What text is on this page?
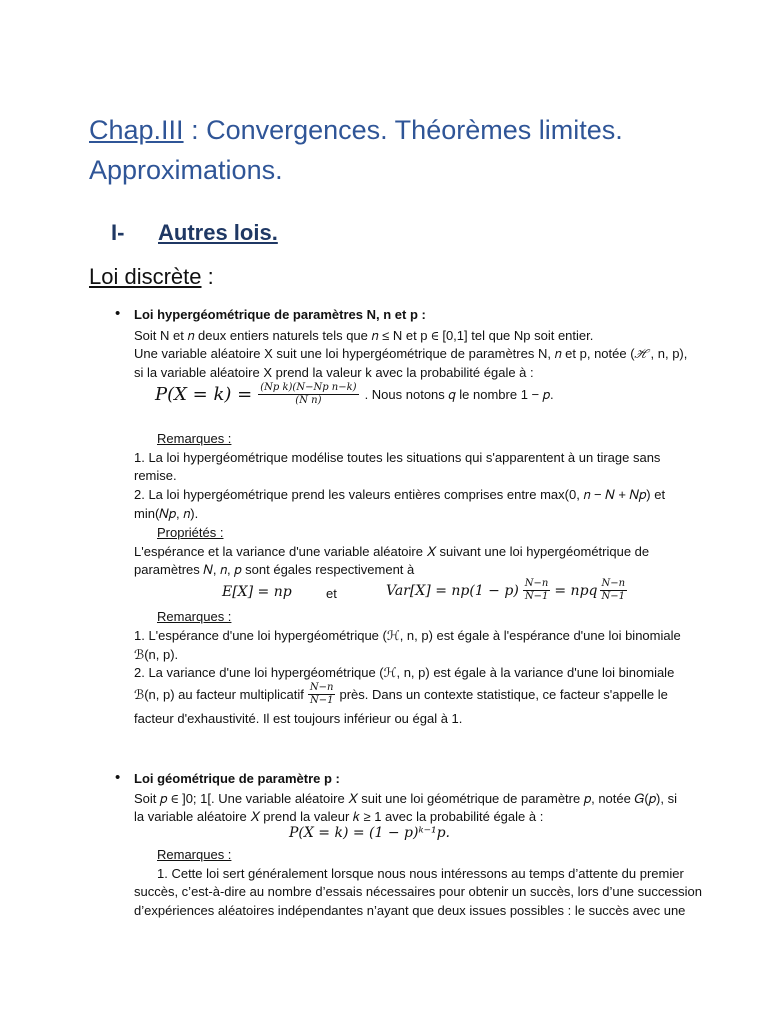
Chap.III : Convergences. Théorèmes limites.
Approximations.
I- Autres lois.
Loi discrète :
• Loi hypergéométrique de paramètres N, n et p :
Soit N et 𝑛 deux entiers naturels tels que 𝑛 ≤ N et p ∈ [0,1] tel que Np soit entier.
Une variable aléatoire X suit une loi hypergéométrique de paramètres N, 𝑛 et p, notée (ℋ, n, p),
si la variable aléatoire X prend la valeur k avec la probabilité égale à :
$P(X = k) = \frac{\text{(Np k)(N−Np n−k)}}{\text{(N n)}}$ . Nous notons 𝑞 le nombre 1 − 𝑝.
Remarques :
1. La loi hypergéométrique modélise toutes les situations qui s'apparentent à un tirage sans
remise.
2. La loi hypergéométrique prend les valeurs entières comprises entre max(0, 𝑛 − 𝑁 + 𝑁𝑝) et
min(𝑁𝑝, 𝑛).
Propriétés :
L'espérance et la variance d'une variable aléatoire 𝑋 suivant une loi hypergéométrique de
paramètres 𝑁, 𝑛, 𝑝 sont égales respectivement à
E[X] = np	et	$Var[X] = np(1 - p) \frac{N-n}{N-1}$ = npq $\frac{N-n}{N-1}$
Remarques :
1. L'espérance d'une loi hypergéométrique (ℋ, n, p) est égale à l'espérance d'une loi binomiale
ℬ(n, p).
2. La variance d'une loi hypergéométrique (ℋ, n, p) est égale à la variance d'une loi binomiale
ℬ(n, p) au facteur multiplicatif $\frac{N-n}{N-1}$ près. Dans un contexte statistique, ce facteur s'appelle le
facteur d'exhaustivité. Il est toujours inférieur ou égal à 1.
• Loi géométrique de paramètre p :
Soit 𝑝 ∈ ]0; 1[. Une variable aléatoire 𝑋 suit une loi géométrique de paramètre 𝑝, notée 𝐺(𝑝), si
la variable aléatoire 𝑋 prend la valeur 𝑘 ≥ 1 avec la probabilité égale à :
P(X = k) = (1 − p)ᵏ⁻¹p.
Remarques :
1. Cette loi sert généralement lorsque nous nous intéressons au temps d’attente du premier
succès, c’est-à-dire au nombre d’essais nécessaires pour obtenir un succès, lors d’une succession
d’expériences aléatoires indépendantes n’ayant que deux issues possibles : le succès avec une
